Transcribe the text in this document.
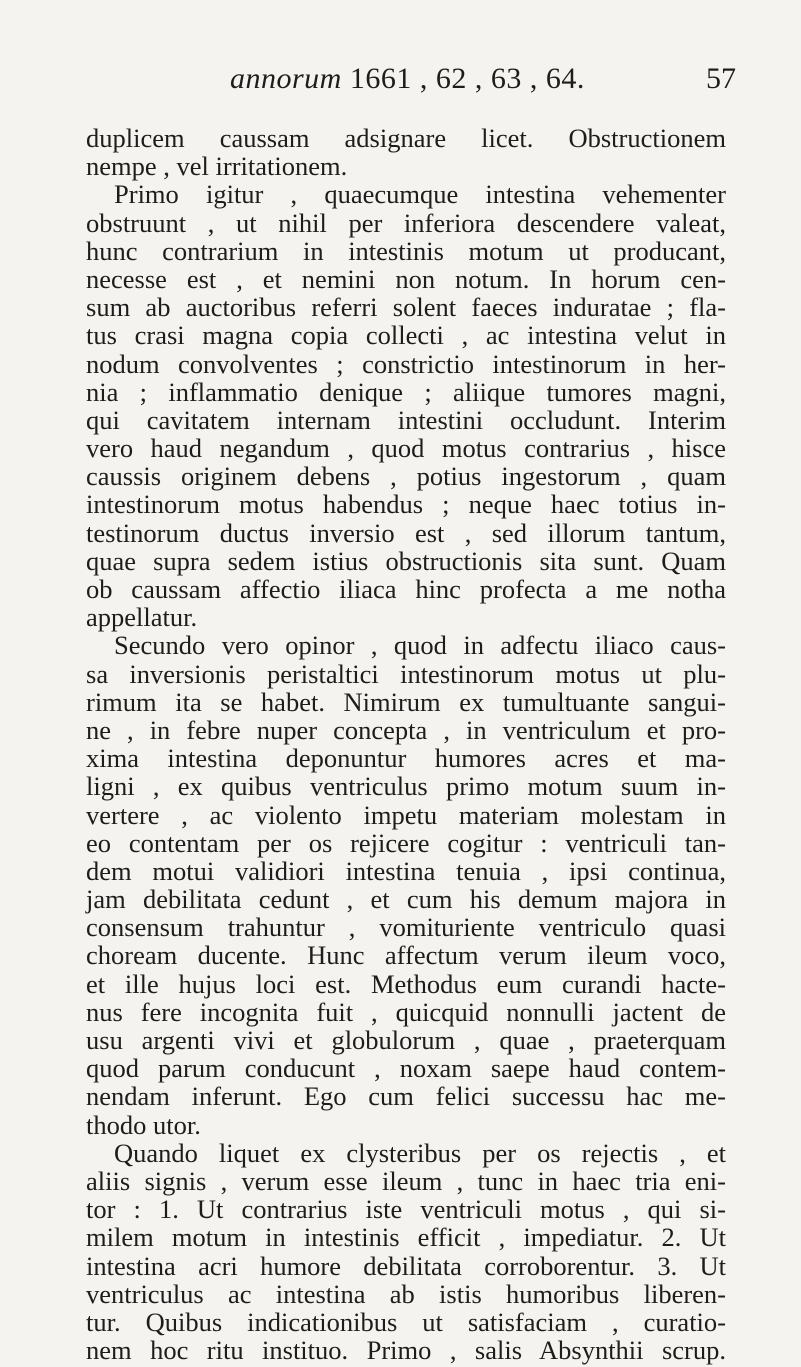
annorum 1661 , 62 , 63 , 64.	57
duplicem caussam adsignare licet. Obstructionem
nempe , vel irritationem.
Primo igitur , quaecumque intestina vehementer
obstruunt , ut nihil per inferiora descendere valeat,
hunc contrarium in intestinis motum ut producant,
necesse est , et nemini non notum. In horum cen-
sum ab auctoribus referri solent faeces induratae ; fla-
tus crasi magna copia collecti , ac intestina velut in
nodum convolventes ; constrictio intestinorum in her-
nia ; inflammatio denique ; aliique tumores magni,
qui cavitatem internam intestini occludunt. Interim
vero haud negandum , quod motus contrarius , hisce
caussis originem debens , potius ingestorum , quam
intestinorum motus habendus ; neque haec totius in-
testinorum ductus inversio est , sed illorum tantum,
quae supra sedem istius obstructionis sita sunt. Quam
ob caussam affectio iliaca hinc profecta a me notha
appellatur.
Secundo vero opinor , quod in adfectu iliaco caus-
sa inversionis peristaltici intestinorum motus ut plu-
rimum ita se habet. Nimirum ex tumultuante sangui-
ne , in febre nuper concepta , in ventriculum et pro-
xima intestina deponuntur humores acres et ma-
ligni , ex quibus ventriculus primo motum suum in-
vertere , ac violento impetu materiam molestam in
eo contentam per os rejicere cogitur : ventriculi tan-
dem motui validiori intestina tenuia , ipsi continua,
jam debilitata cedunt , et cum his demum majora in
consensum trahuntur , vomituriente ventriculo quasi
choream ducente. Hunc affectum verum ileum voco,
et ille hujus loci est. Methodus eum curandi hacte-
nus fere incognita fuit , quicquid nonnulli jactent de
usu argenti vivi et globulorum , quae , praeterquam
quod parum conducunt , noxam saepe haud contem-
nendam inferunt. Ego cum felici successu hac me-
thodo utor.
Quando liquet ex clysteribus per os rejectis , et
aliis signis , verum esse ileum , tunc in haec tria eni-
tor : 1. Ut contrarius iste ventriculi motus , qui si-
milem motum in intestinis efficit , impediatur. 2. Ut
intestina acri humore debilitata corroborentur. 3. Ut
ventriculus ac intestina ab istis humoribus liberen-
tur. Quibus indicationibus ut satisfaciam , curatio-
nem hoc ritu instituo. Primo , salis Absynthii scrup.
